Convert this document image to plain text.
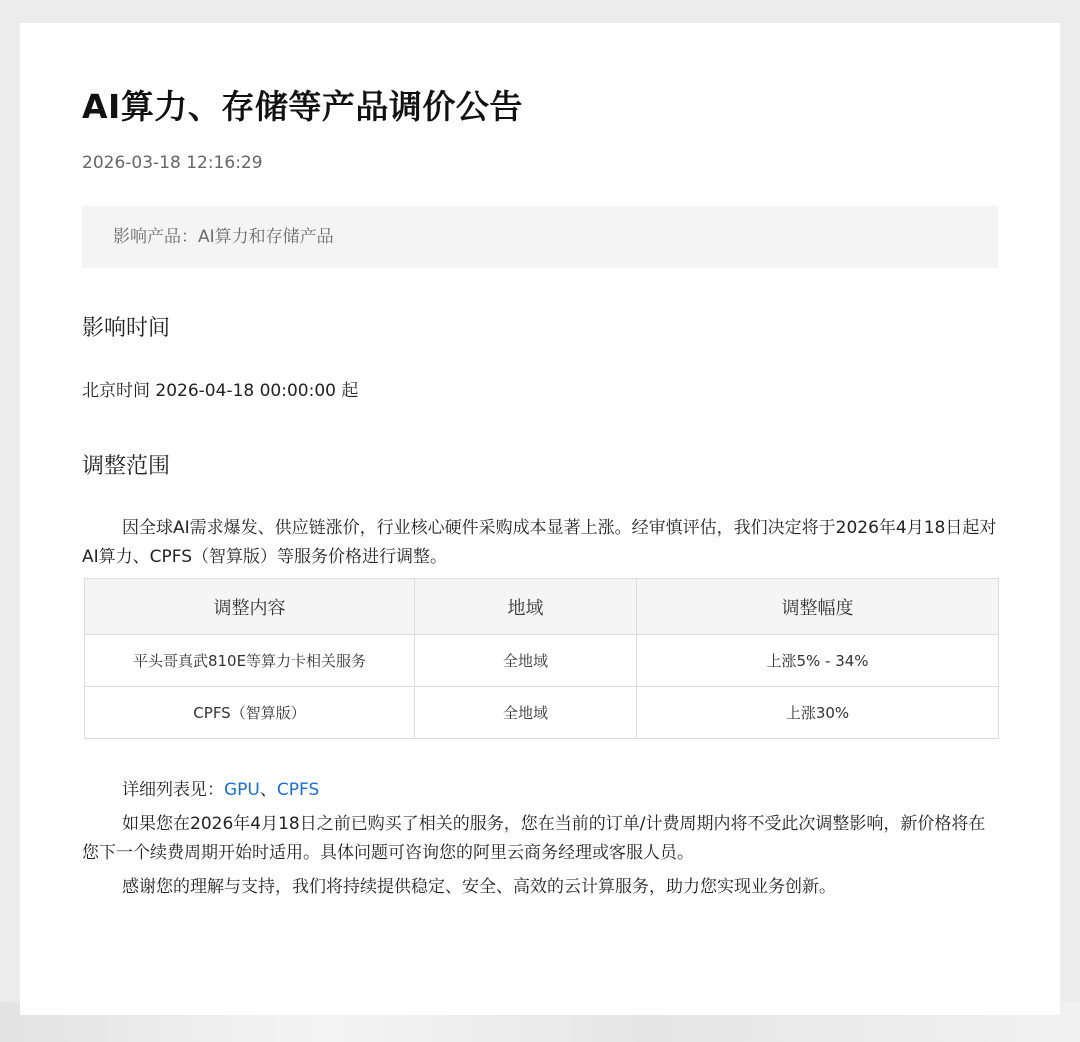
AI算力、存储等产品调价公告
2026-03-18 12:16:29
影响产品：AI算力和存储产品
影响时间
北京时间 2026-04-18 00:00:00 起
调整范围

因全球AI需求爆发、供应链涨价，行业核心硬件采购成本显著上涨。经审慎评估，我们决定将于2026年4月18日起对AI算力、CPFS（智算版）等服务价格进行调整。

调整内容	地域	调整幅度
平头哥真武810E等算力卡相关服务	全地域	上涨5% - 34%
CPFS（智算版）	全地域	上涨30%

详细列表见：GPU、CPFS

如果您在2026年4月18日之前已购买了相关的服务，您在当前的订单/计费周期内将不受此次调整影响，新价格将在您下一个续费周期开始时适用。具体问题可咨询您的阿里云商务经理或客服人员。

感谢您的理解与支持，我们将持续提供稳定、安全、高效的云计算服务，助力您实现业务创新。
